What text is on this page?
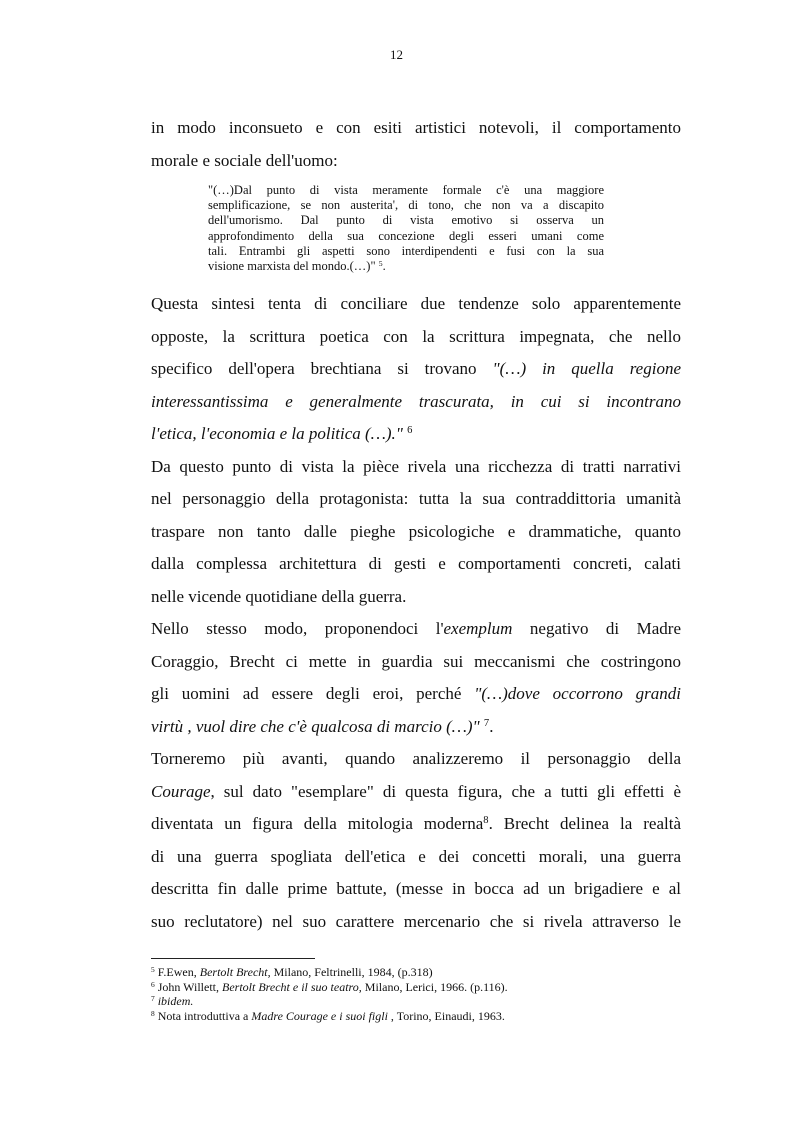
12
in modo inconsueto e con esiti artistici notevoli, il comportamento
morale e sociale dell'uomo:
"(…)Dal punto di vista meramente formale c'è una maggiore
semplificazione, se non austerita', di tono, che non va a discapito
dell'umorismo. Dal punto di vista emotivo si osserva un
approfondimento della sua concezione degli esseri umani come
tali. Entrambi gli aspetti sono interdipendenti e fusi con la sua
visione marxista del mondo.(…)" $^5$.
Questa sintesi tenta di conciliare due tendenze solo apparentemente
opposte, la scrittura poetica con la scrittura impegnata, che nello
specifico dell'opera brechtiana si trovano "(…) in quella regione
interessantissima e generalmente trascurata, in cui si incontrano
l'etica, l'economia e la politica (…)." $^6$
Da questo punto di vista la pièce rivela una ricchezza di tratti narrativi
nel personaggio della protagonista: tutta la sua contraddittoria umanità
traspare non tanto dalle pieghe psicologiche e drammatiche, quanto
dalla complessa architettura di gesti e comportamenti concreti, calati
nelle vicende quotidiane della guerra.
Nello stesso modo, proponendoci l'exemplum negativo di Madre
Coraggio, Brecht ci mette in guardia sui meccanismi che costringono
gli uomini ad essere degli eroi, perché "(…)dove occorrono grandi
virtù , vuol dire che c'è qualcosa di marcio (…)" $^7$.
Torneremo più avanti, quando analizzeremo il personaggio della
Courage, sul dato "esemplare" di questa figura, che a tutti gli effetti è
diventata un figura della mitologia moderna$^8$. Brecht delinea la realtà
di una guerra spogliata dell'etica e dei concetti morali, una guerra
descritta fin dalle prime battute, (messe in bocca ad un brigadiere e al
suo reclutatore) nel suo carattere mercenario che si rivela attraverso le
$^5$ F.Ewen, Bertolt Brecht, Milano, Feltrinelli, 1984, (p.318)
$^6$ John Willett, Bertolt Brecht e il suo teatro, Milano, Lerici, 1966. (p.116).
$^7$ ibidem.
$^8$ Nota introduttiva a Madre Courage e i suoi figli , Torino, Einaudi, 1963.
